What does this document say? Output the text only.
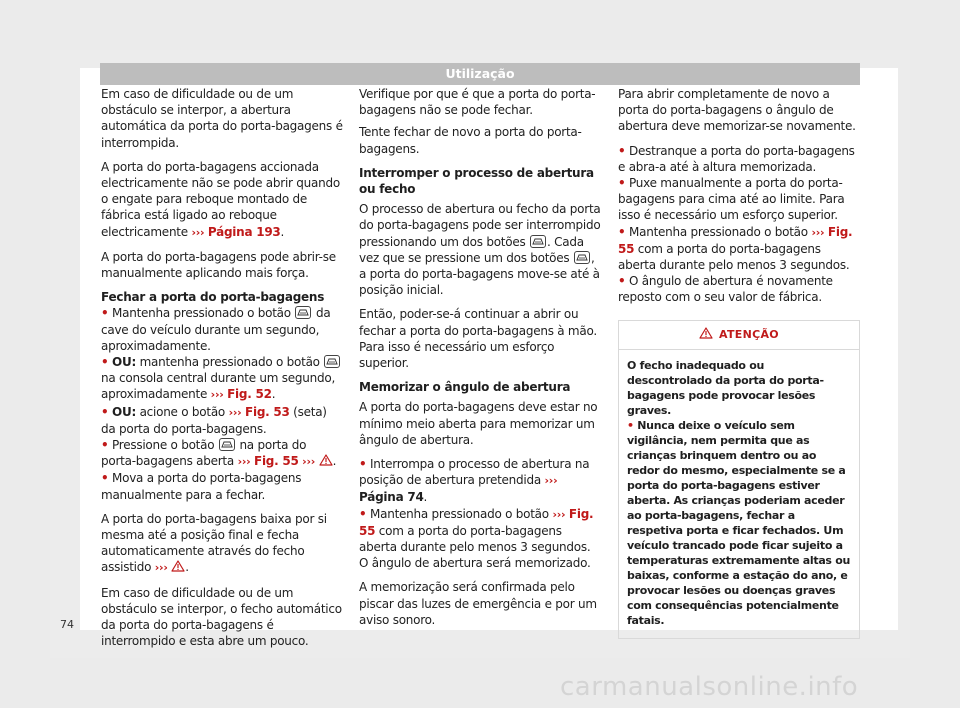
Utilização

Em caso de dificuldade ou de um obstáculo se interpor, a abertura automática da porta do porta-bagagens é interrompida.

A porta do porta-bagagens accionada electricamente não se pode abrir quando o engate para reboque montado de fábrica está ligado ao reboque electricamente ››› Página 193.

A porta do porta-bagagens pode abrir-se manualmente aplicando mais força.

Fechar a porta do porta-bagagens

• Mantenha pressionado o botão
da cave do veículo durante um segundo, aproximadamente.

• OU: mantenha pressionado o botão
na consola central durante um segundo, aproximadamente ››› Fig. 52.

• OU: acione o botão ››› Fig. 53 (seta) da porta do porta-bagagens.

• Pressione o botão
na porta do porta-bagagens aberta ››› Fig. 55 ››› .

• Mova a porta do porta-bagagens manualmente para a fechar.

A porta do porta-bagagens baixa por si mesma até a posição final e fecha automaticamente através do fecho assistido ››› .

Em caso de dificuldade ou de um obstáculo se interpor, o fecho automático da porta do porta-bagagens é interrompido e esta abre um pouco.

Verifique por que é que a porta do porta-bagagens não se pode fechar.

Tente fechar de novo a porta do porta-bagagens.

Interromper o processo de abertura ou fecho

O processo de abertura ou fecho da porta do porta-bagagens pode ser interrompido pressionando um dos botões
. Cada vez que se pressione um dos botões
, a porta do porta-bagagens move-se até à posição inicial.

Então, poder-se-á continuar a abrir ou fechar a porta do porta-bagagens à mão. Para isso é necessário um esforço superior.

Memorizar o ângulo de abertura

A porta do porta-bagagens deve estar no mínimo meio aberta para memorizar um ângulo de abertura.

• Interrompa o processo de abertura na posição de abertura pretendida ››› Página 74.

• Mantenha pressionado o botão ››› Fig. 55 com a porta do porta-bagagens aberta durante pelo menos 3 segundos. O ângulo de abertura será memorizado.

A memorização será confirmada pelo piscar das luzes de emergência e por um aviso sonoro.

Para abrir completamente de novo a porta do porta-bagagens o ângulo de abertura deve memorizar-se novamente.

• Destranque a porta do porta-bagagens e abra-a até à altura memorizada.

• Puxe manualmente a porta do porta-bagagens para cima até ao limite. Para isso é necessário um esforço superior.

• Mantenha pressionado o botão ››› Fig. 55 com a porta do porta-bagagens aberta durante pelo menos 3 segundos.

• O ângulo de abertura é novamente reposto com o seu valor de fábrica.

ATENÇÃO

O fecho inadequado ou descontrolado da porta do porta-bagagens pode provocar lesões graves.

• Nunca deixe o veículo sem vigilância, nem permita que as crianças brinquem dentro ou ao redor do mesmo, especialmente se a porta do porta-bagagens estiver aberta. As crianças poderiam aceder ao porta-bagagens, fechar a respetiva porta e ficar fechados. Um veículo trancado pode ficar sujeito a temperaturas extremamente altas ou baixas, conforme a estação do ano, e provocar lesões ou doenças graves com consequências potencialmente fatais.

74
carmanualsonline.info
